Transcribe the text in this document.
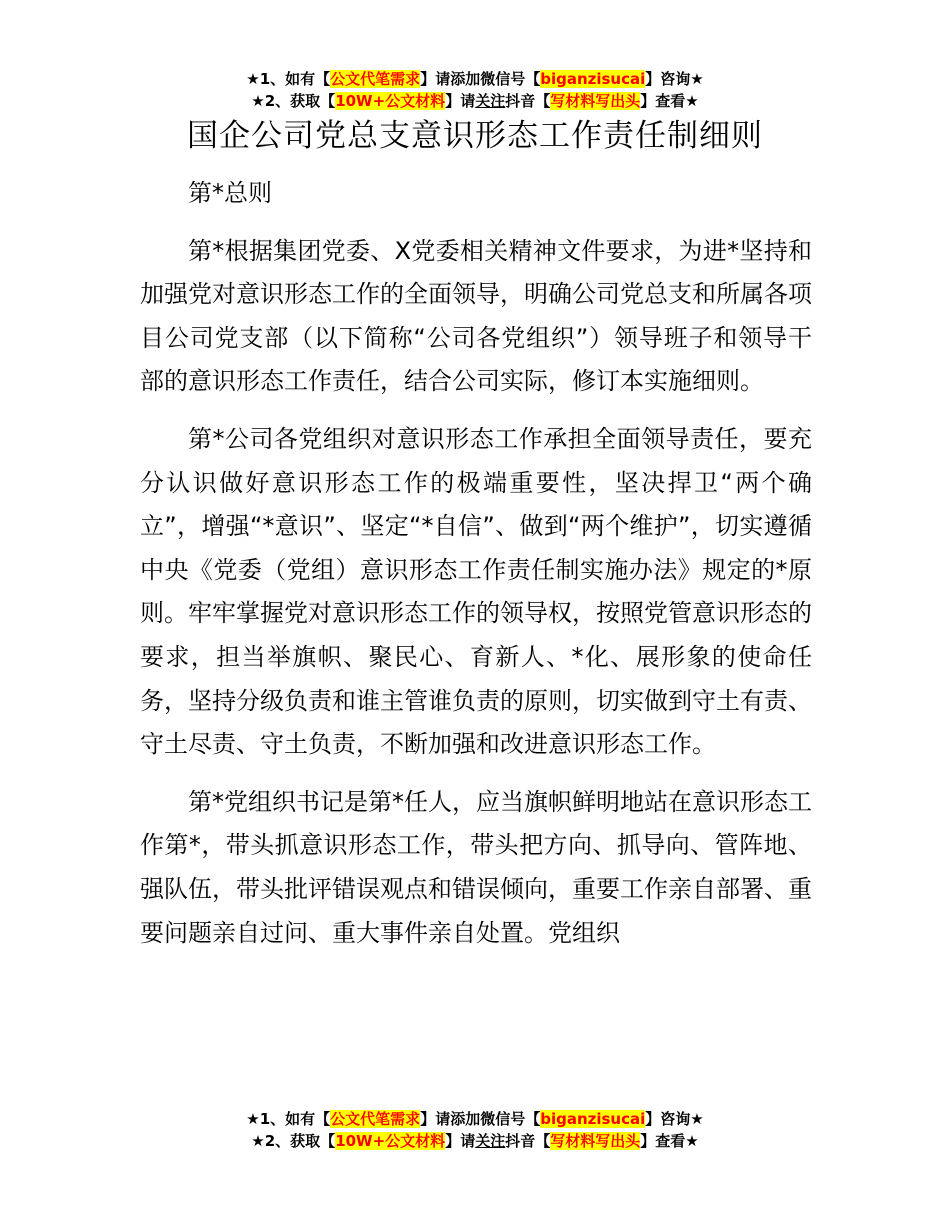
★1、如有【公文代笔需求】请添加微信号【biganzisucai】咨询★
★2、获取【10W+公文材料】请关注抖音【写材料写出头】查看★
国企公司党总支意识形态工作责任制细则

第*总则

第*根据集团党委、X党委相关精神文件要求，为进*坚持和加强党对意识形态工作的全面领导，明确公司党总支和所属各项目公司党支部（以下简称“公司各党组织”）领导班子和领导干部的意识形态工作责任，结合公司实际，修订本实施细则。

第*公司各党组织对意识形态工作承担全面领导责任，要充分认识做好意识形态工作的极端重要性，坚决捍卫“两个确立”，增强“*意识”、坚定“*自信”、做到“两个维护”，切实遵循中央《党委（党组）意识形态工作责任制实施办法》规定的*原则。牢牢掌握党对意识形态工作的领导权，按照党管意识形态的要求，担当举旗帜、聚民心、育新人、*化、展形象的使命任务，坚持分级负责和谁主管谁负责的原则，切实做到守土有责、守土尽责、守土负责，不断加强和改进意识形态工作。

第*党组织书记是第*任人，应当旗帜鲜明地站在意识形态工作第*，带头抓意识形态工作，带头把方向、抓导向、管阵地、强队伍，带头批评错误观点和错误倾向，重要工作亲自部署、重要问题亲自过问、重大事件亲自处置。党组织

★1、如有【公文代笔需求】请添加微信号【biganzisucai】咨询★
★2、获取【10W+公文材料】请关注抖音【写材料写出头】查看★
